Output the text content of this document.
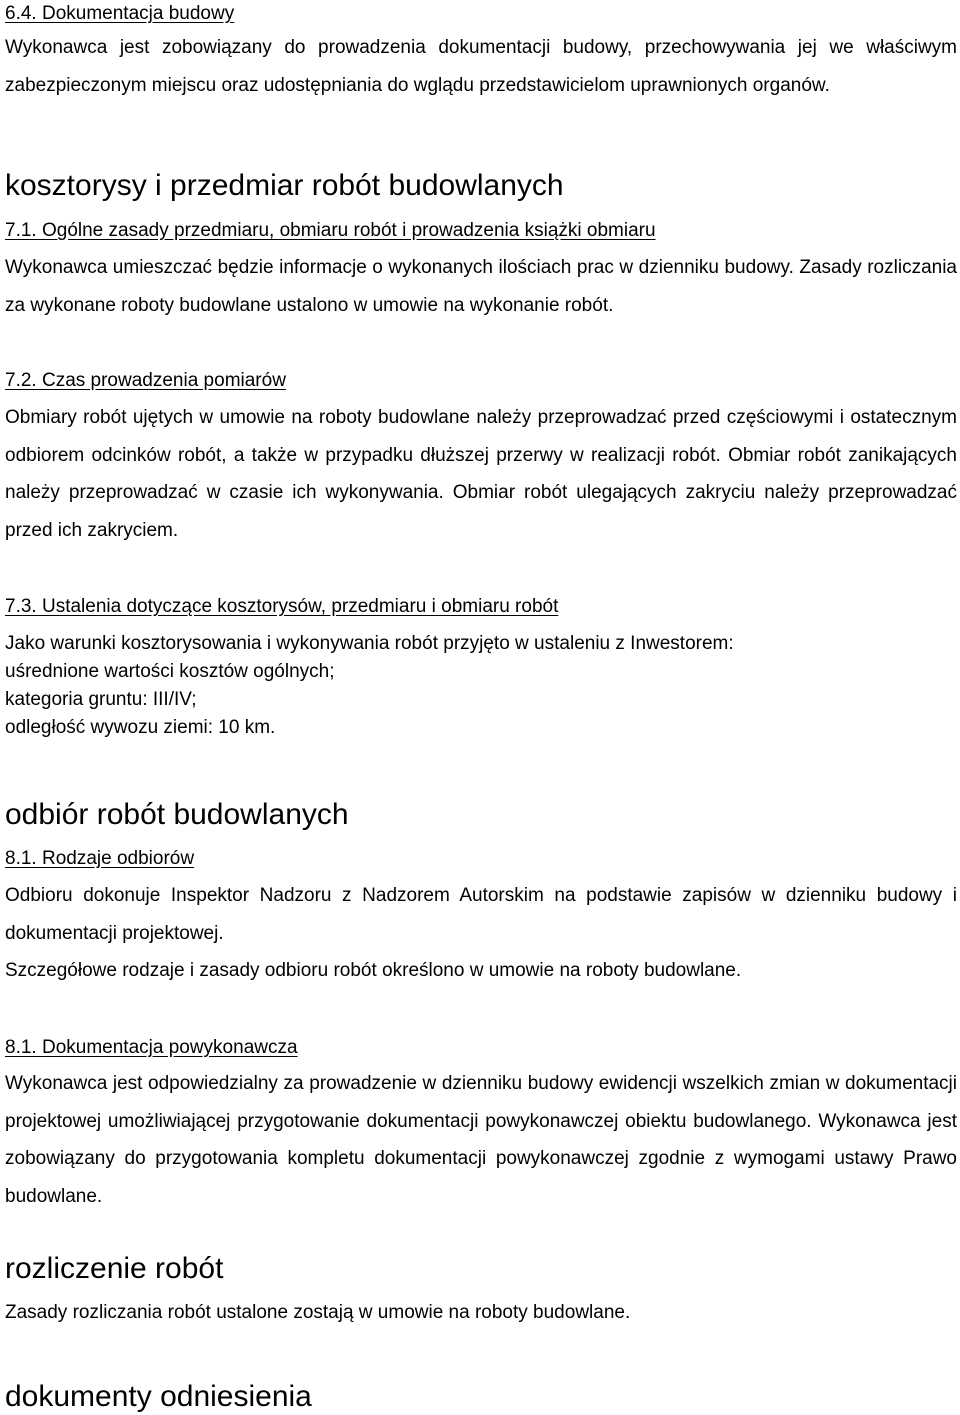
6.4. Dokumentacja budowy

Wykonawca jest zobowiązany do prowadzenia dokumentacji budowy, przechowywania jej we właściwym zabezpieczonym miejscu oraz udostępniania do wglądu przedstawicielom uprawnionych organów.

kosztorysy i przedmiar robót budowlanych
7.1. Ogólne zasady przedmiaru, obmiaru robót i prowadzenia książki obmiaru

Wykonawca umieszczać będzie informacje o wykonanych ilościach prac w dzienniku budowy. Zasady rozliczania za wykonane roboty budowlane ustalono w umowie na wykonanie robót.

7.2. Czas prowadzenia pomiarów

Obmiary robót ujętych w umowie na roboty budowlane należy przeprowadzać przed częściowymi i ostatecznym odbiorem odcinków robót, a także w przypadku dłuższej przerwy w realizacji robót. Obmiar robót zanikających należy przeprowadzać w czasie ich wykonywania. Obmiar robót ulegających zakryciu należy przeprowadzać przed ich zakryciem.

7.3. Ustalenia dotyczące kosztorysów, przedmiaru i obmiaru robót
Jako warunki kosztorysowania i wykonywania robót przyjęto w ustaleniu z Inwestorem:
uśrednione wartości kosztów ogólnych;
kategoria gruntu: III/IV;
odległość wywozu ziemi: 10 km.
odbiór robót budowlanych
8.1. Rodzaje odbiorów

Odbioru dokonuje Inspektor Nadzoru z Nadzorem Autorskim na podstawie zapisów w dzienniku budowy i dokumentacji projektowej.

Szczegółowe rodzaje i zasady odbioru robót określono w umowie na roboty budowlane.

8.1. Dokumentacja powykonawcza

Wykonawca jest odpowiedzialny za prowadzenie w dzienniku budowy ewidencji wszelkich zmian w dokumentacji projektowej umożliwiającej przygotowanie dokumentacji powykonawczej obiektu budowlanego. Wykonawca jest zobowiązany do przygotowania kompletu dokumentacji powykonawczej zgodnie z wymogami ustawy Prawo budowlane.

rozliczenie robót

Zasady rozliczania robót ustalone zostają w umowie na roboty budowlane.

dokumenty odniesienia
